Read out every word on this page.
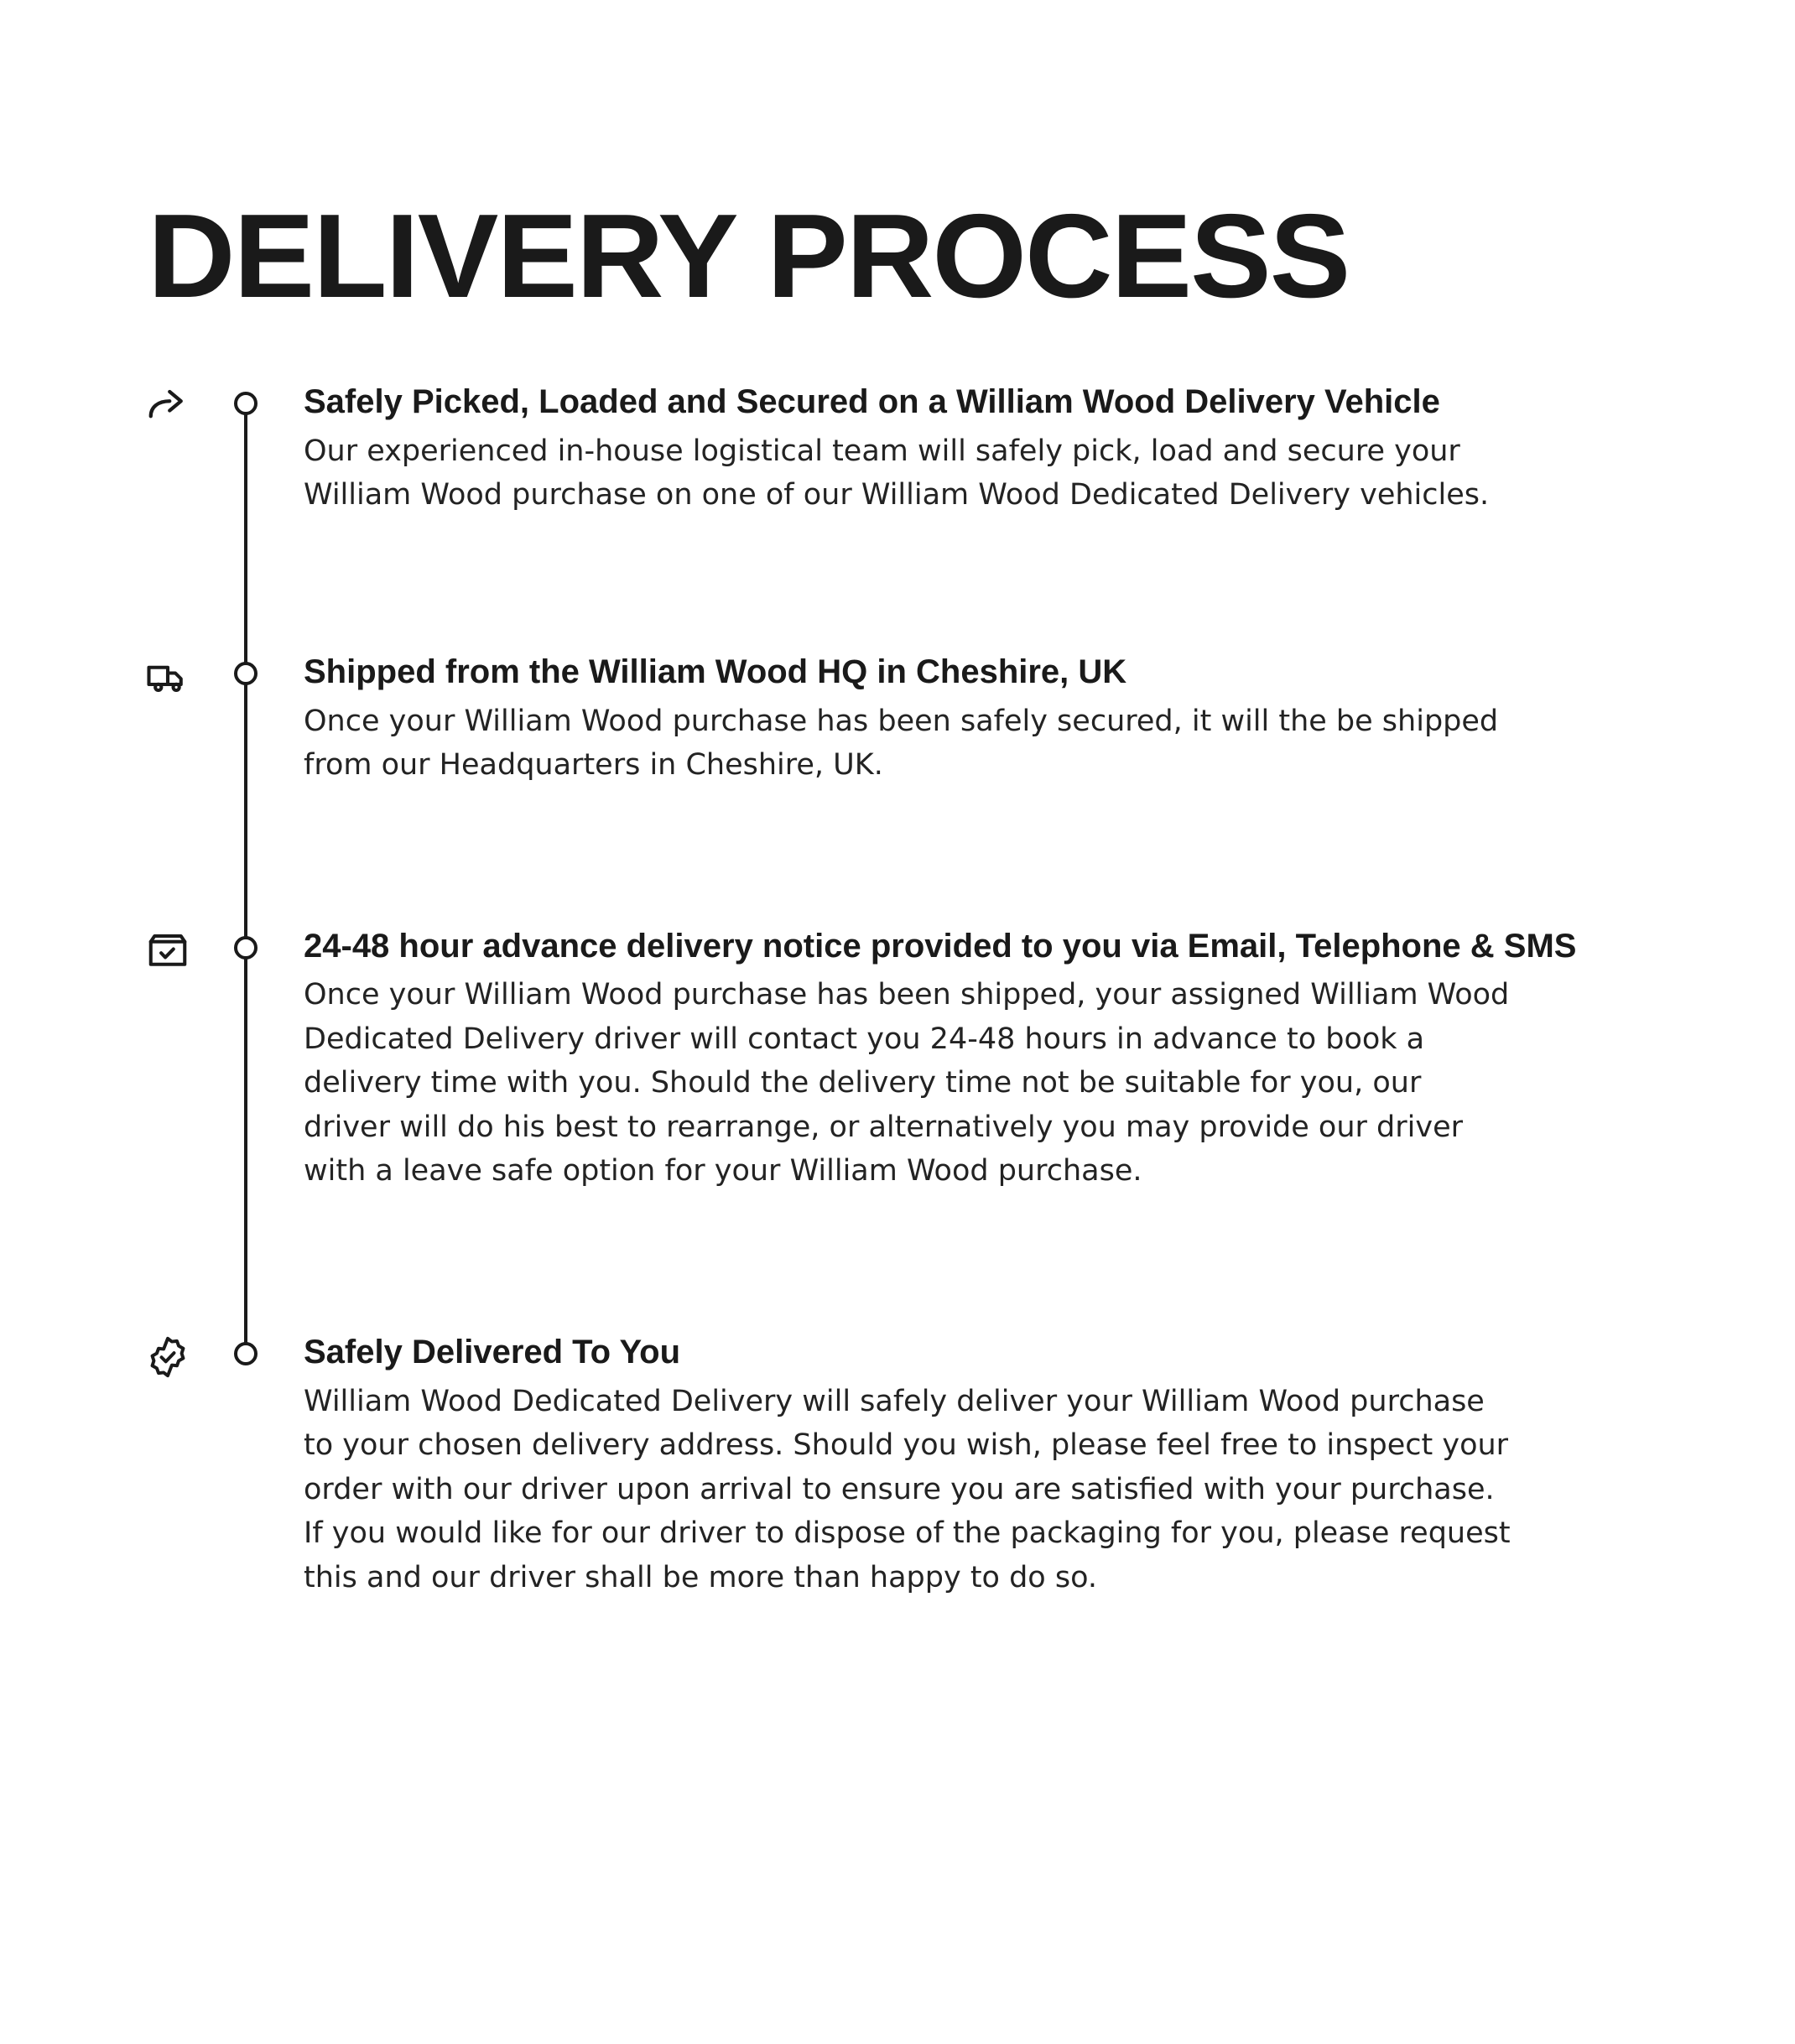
DELIVERY PROCESS
Safely Picked, Loaded and Secured on a William Wood Delivery Vehicle

Our experienced in-house logistical team will safely pick, load and secure your William Wood purchase on one of our William Wood Dedicated Delivery vehicles.

Shipped from the William Wood HQ in Cheshire, UK

Once your William Wood purchase has been safely secured, it will the be shipped from our Headquarters in Cheshire, UK.

24-48 hour advance delivery notice provided to you via Email, Telephone & SMS

Once your William Wood purchase has been shipped, your assigned William Wood Dedicated Delivery driver will contact you 24-48 hours in advance to book a delivery time with you. Should the delivery time not be suitable for you, our driver will do his best to rearrange, or alternatively you may provide our driver with a leave safe option for your William Wood purchase.

Safely Delivered To You

William Wood Dedicated Delivery will safely deliver your William Wood purchase to your chosen delivery address. Should you wish, please feel free to inspect your order with our driver upon arrival to ensure you are satisfied with your purchase. If you would like for our driver to dispose of the packaging for you, please request this and our driver shall be more than happy to do so.
